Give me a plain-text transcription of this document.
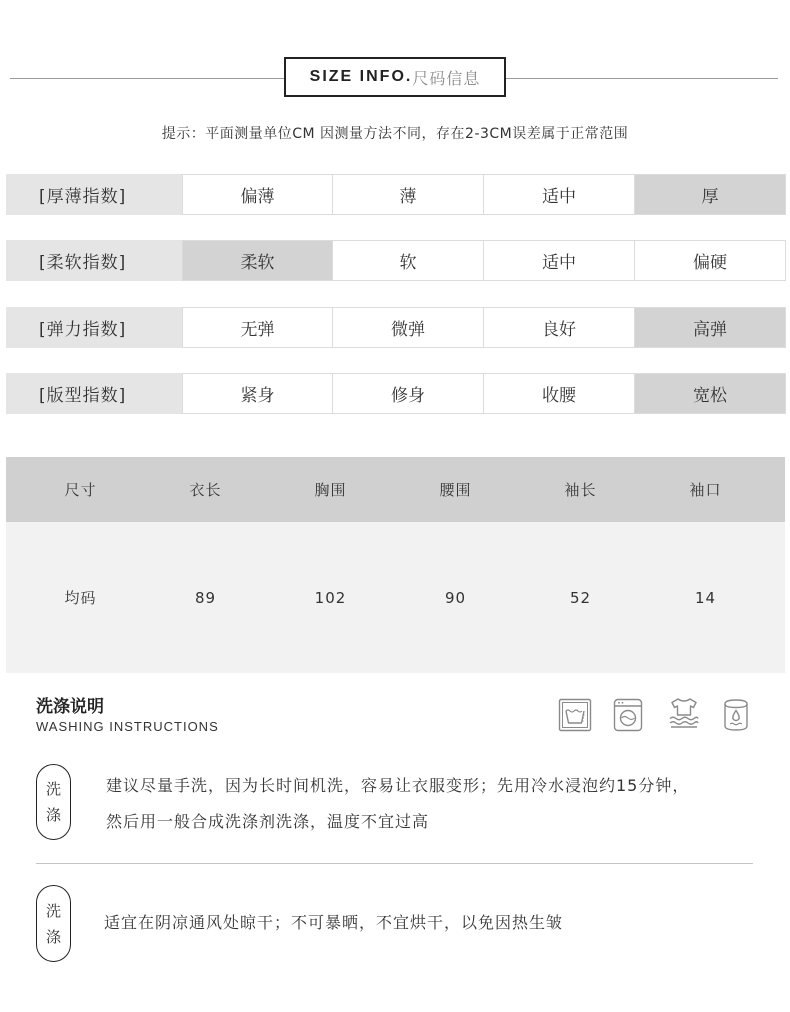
SIZE INFO. 尺码信息
提示：平面测量单位CM 因测量方法不同，存在2-3CM误差属于正常范围
[厚薄指数]	偏薄	薄	适中	厚
[柔软指数]	柔软	软	适中	偏硬
[弹力指数]	无弹	微弹	良好	高弹
[版型指数]	紧身	修身	收腰	宽松
尺寸	衣长	胸围	腰围	袖长	袖口
均码	89	102	90	52	14
洗涤说明
WASHING INSTRUCTIONS
洗
涤
建议尽量手洗，因为长时间机洗，容易让衣服变形；先用冷水浸泡约15分钟，
然后用一般合成洗涤剂洗涤，温度不宜过高
洗
涤
适宜在阴凉通风处晾干；不可暴晒，不宜烘干，以免因热生皱
